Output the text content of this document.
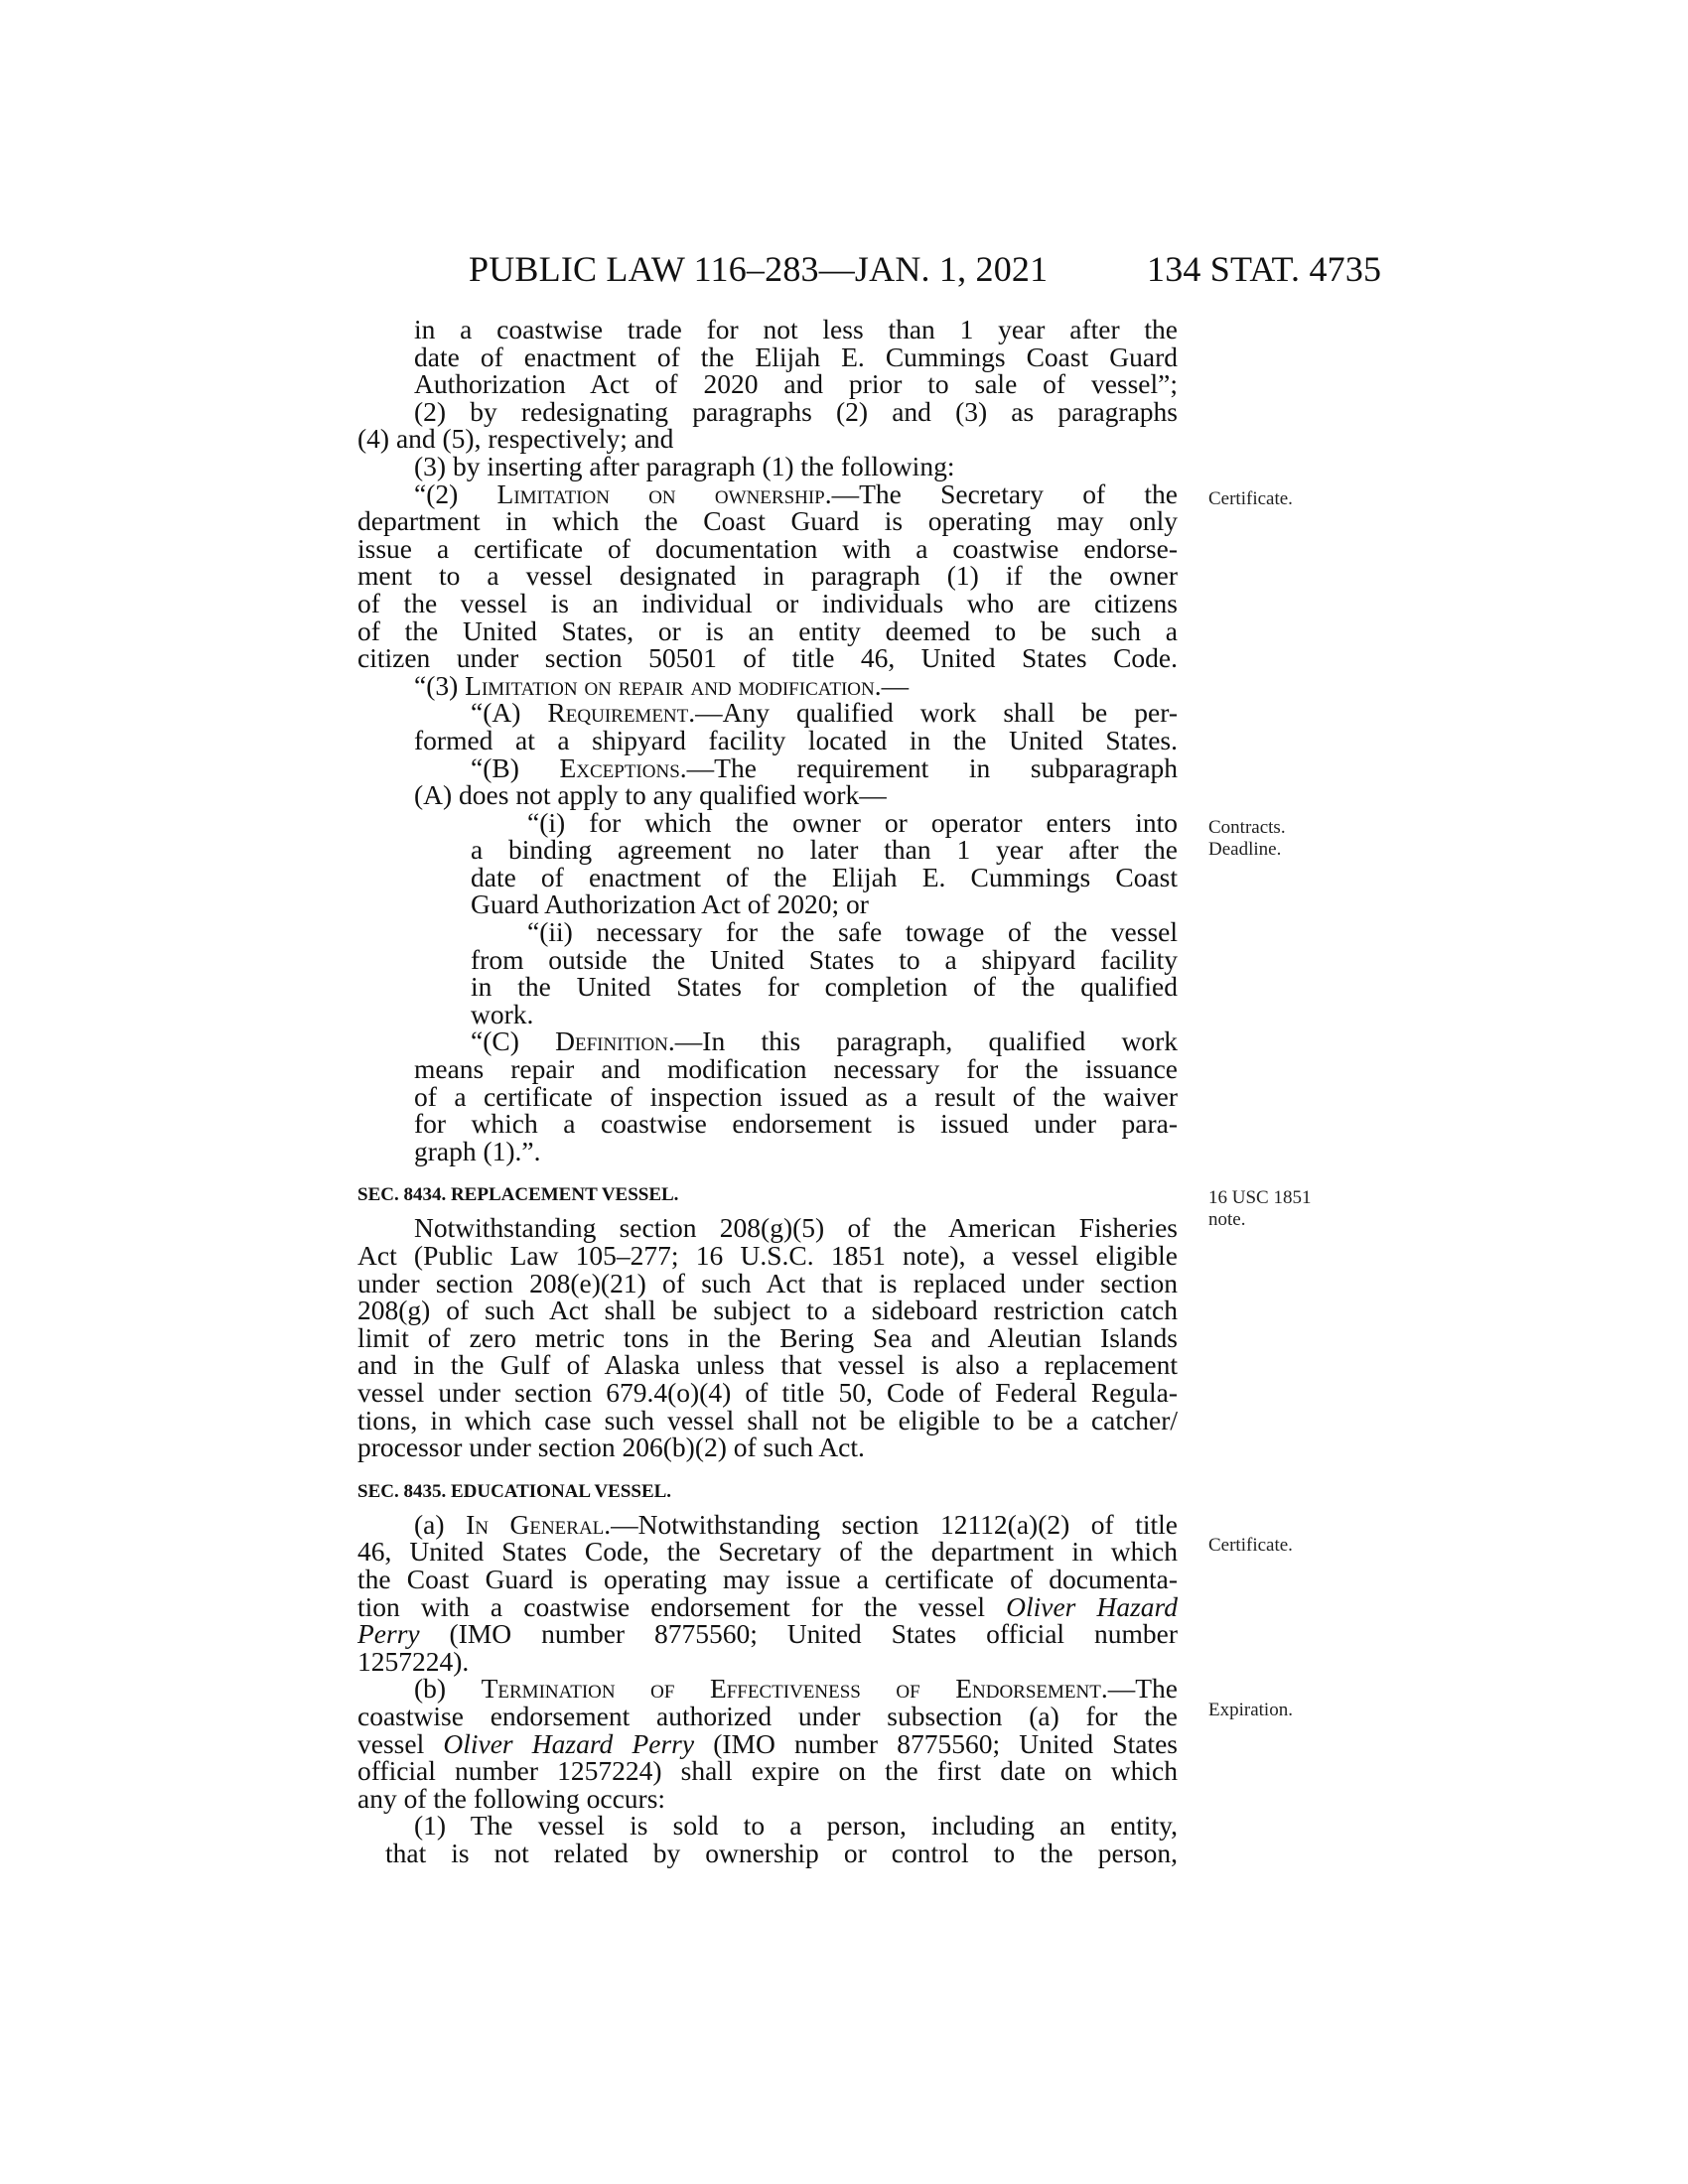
PUBLIC LAW 116–283—JAN. 1, 2021	134 STAT. 4735
in a coastwise trade for not less than 1 year after the
date of enactment of the Elijah E. Cummings Coast Guard
Authorization Act of 2020 and prior to sale of vessel”;
(2) by redesignating paragraphs (2) and (3) as paragraphs
(4) and (5), respectively; and
(3) by inserting after paragraph (1) the following:
“(2) Limitation on ownership.—The Secretary of the
department in which the Coast Guard is operating may only
issue a certificate of documentation with a coastwise endorse-
ment to a vessel designated in paragraph (1) if the owner
of the vessel is an individual or individuals who are citizens
of the United States, or is an entity deemed to be such a
citizen under section 50501 of title 46, United States Code.
“(3) Limitation on repair and modification.—
“(A) Requirement.—Any qualified work shall be per-
formed at a shipyard facility located in the United States.
“(B) Exceptions.—The requirement in subparagraph
(A) does not apply to any qualified work—
“(i) for which the owner or operator enters into
a binding agreement no later than 1 year after the
date of enactment of the Elijah E. Cummings Coast
Guard Authorization Act of 2020; or
“(ii) necessary for the safe towage of the vessel
from outside the United States to a shipyard facility
in the United States for completion of the qualified
work.
“(C) Definition.—In this paragraph, qualified work
means repair and modification necessary for the issuance
of a certificate of inspection issued as a result of the waiver
for which a coastwise endorsement is issued under para-
graph (1).”.
SEC. 8434. REPLACEMENT VESSEL.
Notwithstanding section 208(g)(5) of the American Fisheries
Act (Public Law 105–277; 16 U.S.C. 1851 note), a vessel eligible
under section 208(e)(21) of such Act that is replaced under section
208(g) of such Act shall be subject to a sideboard restriction catch
limit of zero metric tons in the Bering Sea and Aleutian Islands
and in the Gulf of Alaska unless that vessel is also a replacement
vessel under section 679.4(o)(4) of title 50, Code of Federal Regula-
tions, in which case such vessel shall not be eligible to be a catcher/
processor under section 206(b)(2) of such Act.
SEC. 8435. EDUCATIONAL VESSEL.
(a) In General.—Notwithstanding section 12112(a)(2) of title
46, United States Code, the Secretary of the department in which
the Coast Guard is operating may issue a certificate of documenta-
tion with a coastwise endorsement for the vessel Oliver Hazard
Perry (IMO number 8775560; United States official number
1257224).
(b) Termination of Effectiveness of Endorsement.—The
coastwise endorsement authorized under subsection (a) for the
vessel Oliver Hazard Perry (IMO number 8775560; United States
official number 1257224) shall expire on the first date on which
any of the following occurs:
(1) The vessel is sold to a person, including an entity,
that is not related by ownership or control to the person,
Certificate.
Contracts.
Deadline.
16 USC 1851
note.
Certificate.
Expiration.
